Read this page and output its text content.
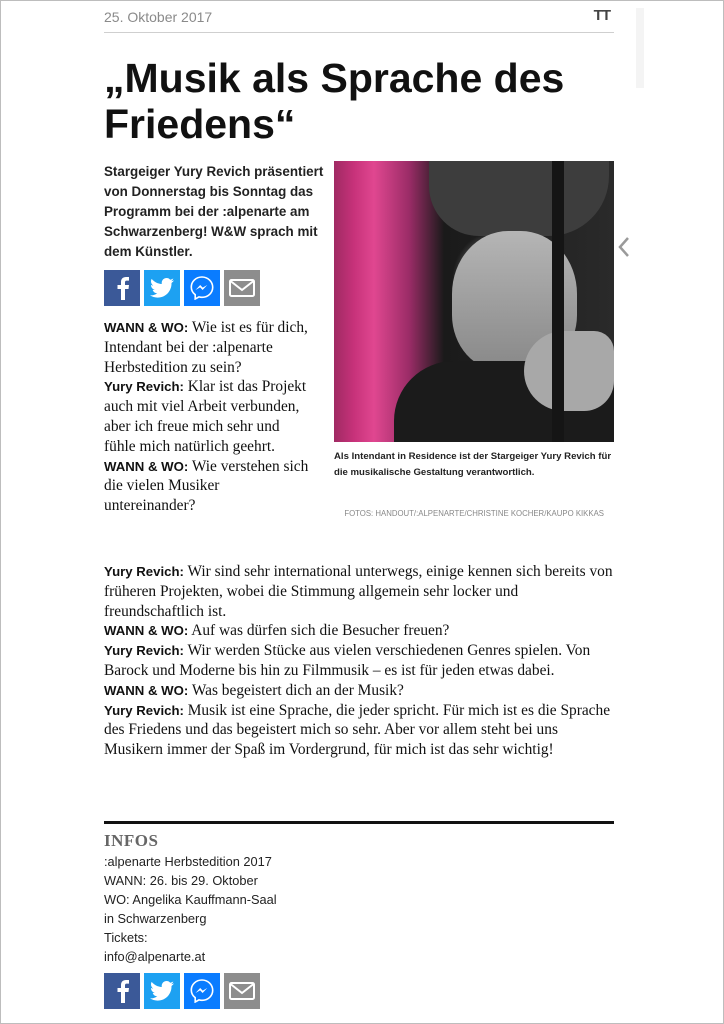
25. Oktober 2017	TT
„Musik als Sprache des Friedens“

Stargeiger Yury Revich präsentiert von Donnerstag bis Sonntag das Programm bei der :alpenarte am Schwarzenberg! W&W sprach mit dem Künstler.

Als Intendant in Residence ist der Stargeiger Yury Revich für die musikalische Gestaltung verantwortlich.

FOTOS: HANDOUT/:ALPENARTE/CHRISTINE KOCHER/KAUPO KIKKAS

WANN & WO: Wie ist es für dich, Intendant bei der :alpenarte Herbstedition zu sein?
Yury Revich: Klar ist das Projekt auch mit viel Arbeit verbunden, aber ich freue mich sehr und fühle mich natürlich geehrt.
WANN & WO: Wie verstehen sich die vielen Musiker untereinander?

Yury Revich: Wir sind sehr international unterwegs, einige kennen sich bereits von früheren Projekten, wobei die Stimmung allgemein sehr locker und freundschaftlich ist.
WANN & WO: Auf was dürfen sich die Besucher freuen?
Yury Revich: Wir werden Stücke aus vielen verschiedenen Genres spielen. Von Barock und Moderne bis hin zu Filmmusik – es ist für jeden etwas dabei.
WANN & WO: Was begeistert dich an der Musik?
Yury Revich: Musik ist eine Sprache, die jeder spricht. Für mich ist es die Sprache des Friedens und das begeistert mich so sehr. Aber vor allem steht bei uns Musikern immer der Spaß im Vordergrund, für mich ist das sehr wichtig!

INFOS
:alpenarte Herbstedition 2017
WANN: 26. bis 29. Oktober
WO: Angelika Kauffmann-Saal
in Schwarzenberg
Tickets:
info@alpenarte.at
